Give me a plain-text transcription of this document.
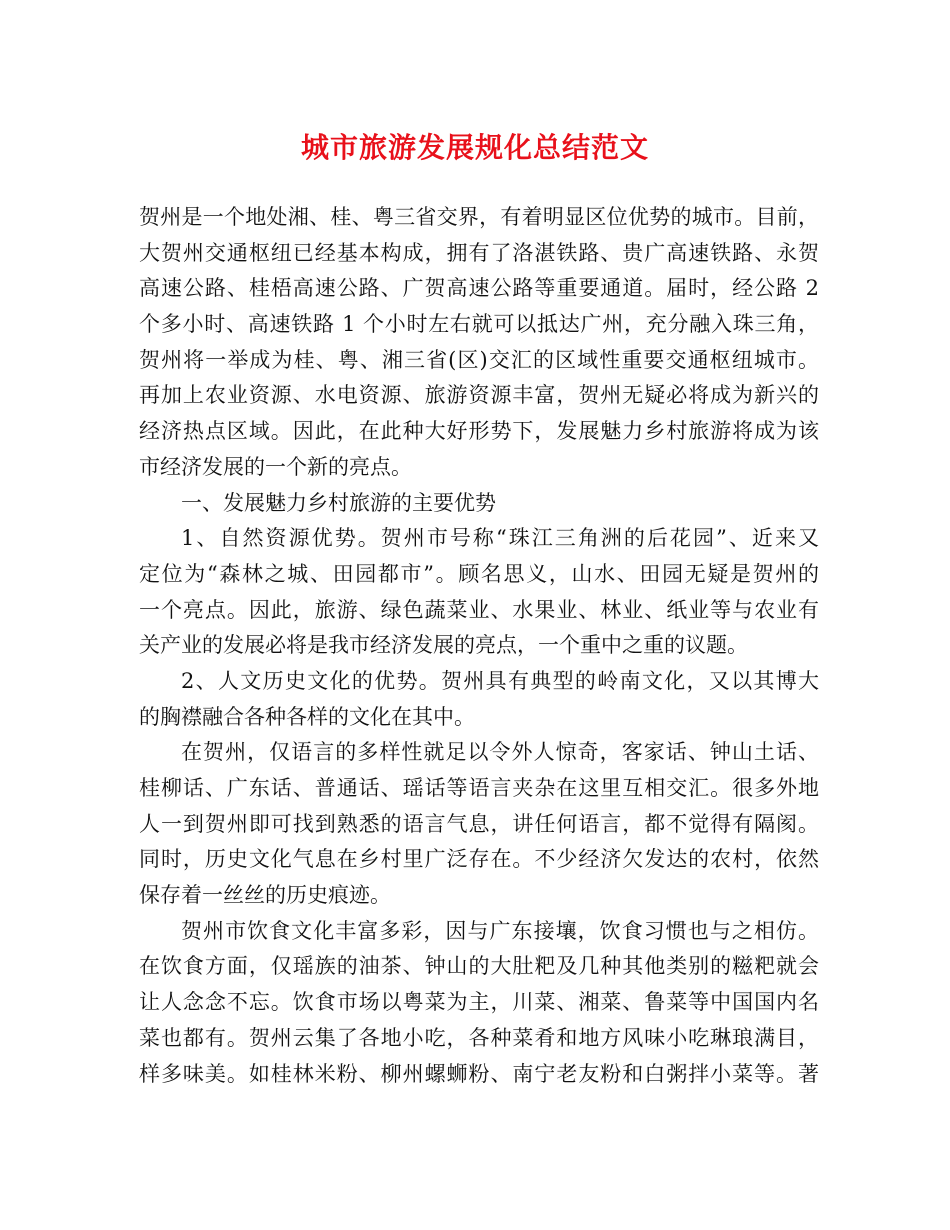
城市旅游发展规化总结范文
贺州是一个地处湘、桂、粤三省交界，有着明显区位优势的城市。目前，
大贺州交通枢纽已经基本构成，拥有了洛湛铁路、贵广高速铁路、永贺
高速公路、桂梧高速公路、广贺高速公路等重要通道。届时，经公路 2
个多小时、高速铁路 1 个小时左右就可以抵达广州，充分融入珠三角，
贺州将一举成为桂、粤、湘三省(区)交汇的区域性重要交通枢纽城市。
再加上农业资源、水电资源、旅游资源丰富，贺州无疑必将成为新兴的
经济热点区域。因此，在此种大好形势下，发展魅力乡村旅游将成为该
市经济发展的一个新的亮点。
一、发展魅力乡村旅游的主要优势
1、自然资源优势。贺州市号称“珠江三角洲的后花园”、近来又
定位为“森林之城、田园都市”。顾名思义，山水、田园无疑是贺州的
一个亮点。因此，旅游、绿色蔬菜业、水果业、林业、纸业等与农业有
关产业的发展必将是我市经济发展的亮点，一个重中之重的议题。
2、人文历史文化的优势。贺州具有典型的岭南文化，又以其博大
的胸襟融合各种各样的文化在其中。
在贺州，仅语言的多样性就足以令外人惊奇，客家话、钟山土话、
桂柳话、广东话、普通话、瑶话等语言夹杂在这里互相交汇。很多外地
人一到贺州即可找到熟悉的语言气息，讲任何语言，都不觉得有隔阂。
同时，历史文化气息在乡村里广泛存在。不少经济欠发达的农村，依然
保存着一丝丝的历史痕迹。
贺州市饮食文化丰富多彩，因与广东接壤，饮食习惯也与之相仿。
在饮食方面，仅瑶族的油茶、钟山的大肚粑及几种其他类别的糍粑就会
让人念念不忘。饮食市场以粤菜为主，川菜、湘菜、鲁菜等中国国内名
菜也都有。贺州云集了各地小吃，各种菜肴和地方风味小吃琳琅满目，
样多味美。如桂林米粉、柳州螺蛳粉、南宁老友粉和白粥拌小菜等。著
